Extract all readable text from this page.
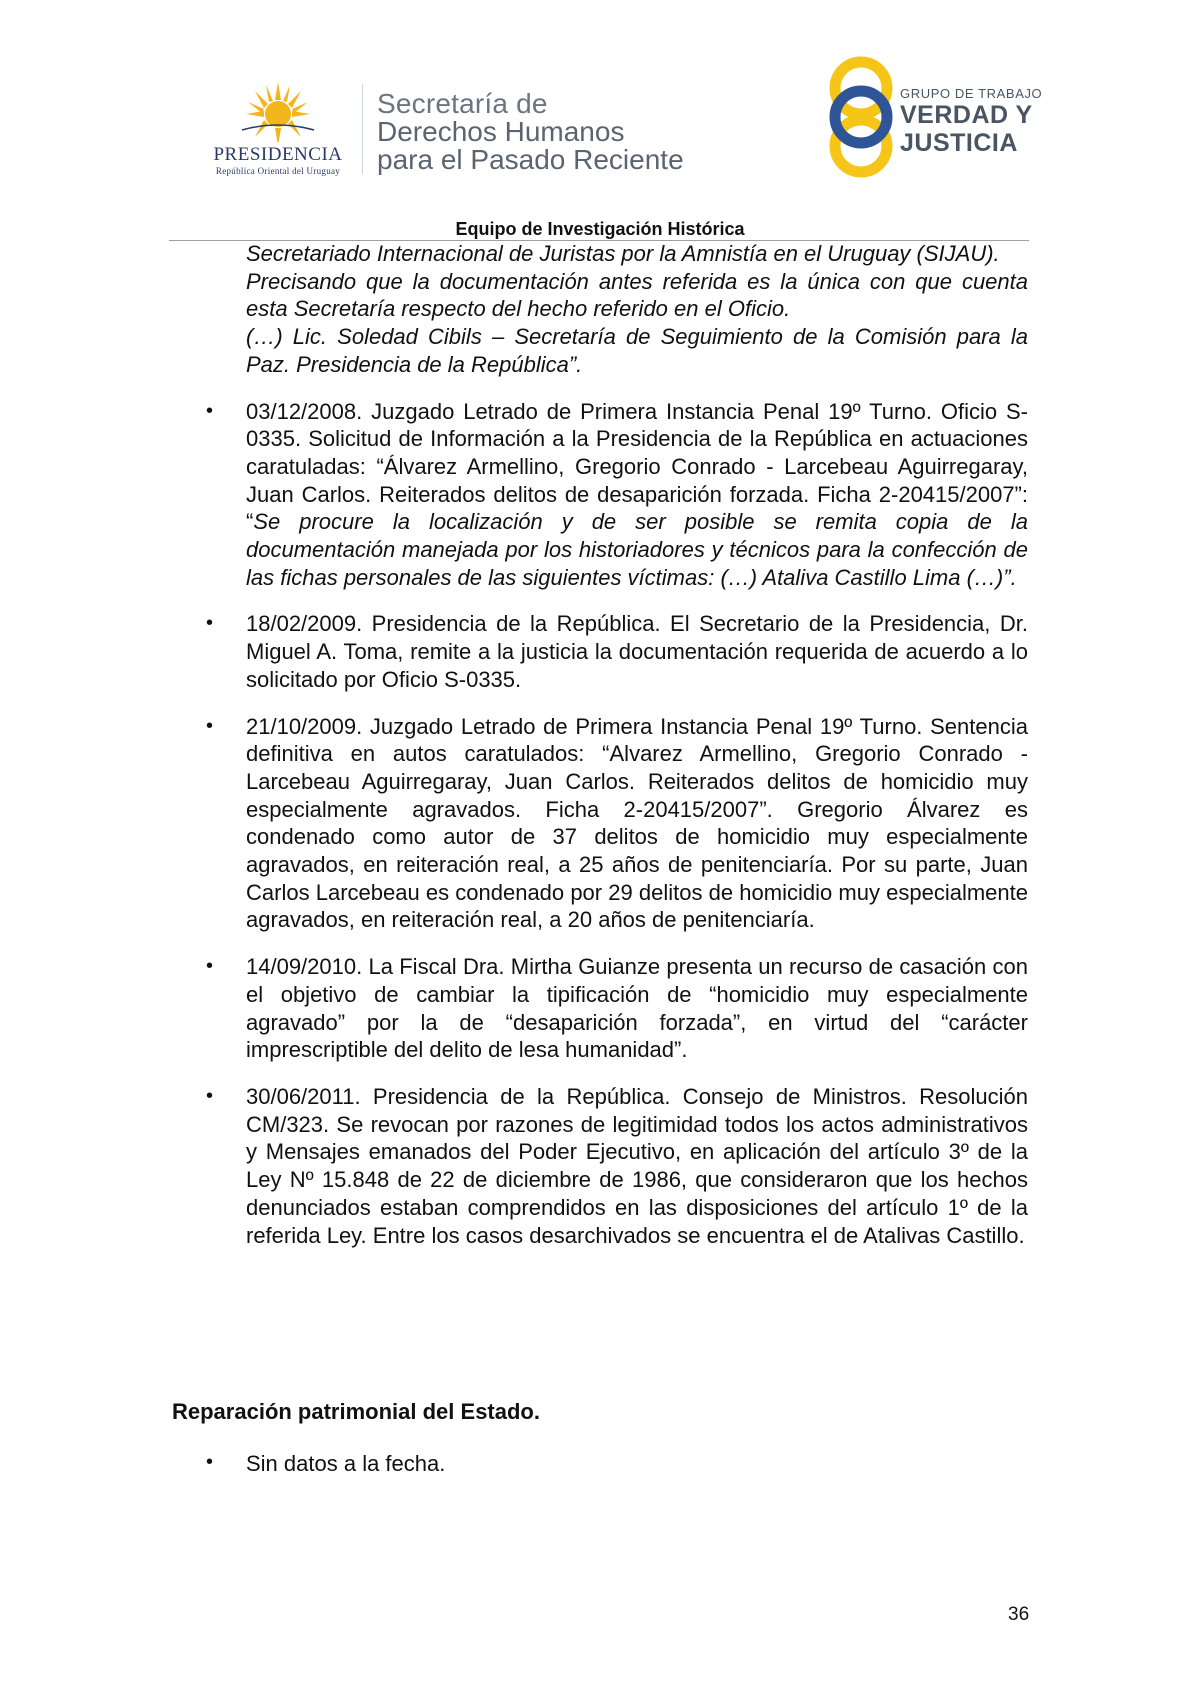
PRESIDENCIA
República Oriental del Uruguay
Secretaría de
Derechos Humanos
para el Pasado Reciente
GRUPO DE TRABAJO
VERDAD Y
JUSTICIA
Equipo de Investigación Histórica

Secretariado Internacional de Juristas por la Amnistía en el Uruguay (SIJAU).

Precisando que la documentación antes referida es la única con que cuenta esta Secretaría respecto del hecho referido en el Oficio.

(…) Lic. Soledad Cibils – Secretaría de Seguimiento de la Comisión para la Paz. Presidencia de la República”.

• 03/12/2008. Juzgado Letrado de Primera Instancia Penal 19º Turno. Oficio S-0335. Solicitud de Información a la Presidencia de la República en actuaciones caratuladas: “Álvarez Armellino, Gregorio Conrado - Larcebeau Aguirregaray, Juan Carlos. Reiterados delitos de desaparición forzada. Ficha 2-20415/2007”: “Se procure la localización y de ser posible se remita copia de la documentación manejada por los historiadores y técnicos para la confección de las fichas personales de las siguientes víctimas: (…) Ataliva Castillo Lima (…)”.
• 18/02/2009. Presidencia de la República. El Secretario de la Presidencia, Dr. Miguel A. Toma, remite a la justicia la documentación requerida de acuerdo a lo solicitado por Oficio S-0335.
• 21/10/2009. Juzgado Letrado de Primera Instancia Penal 19º Turno. Sentencia definitiva en autos caratulados: “Alvarez Armellino, Gregorio Conrado - Larcebeau Aguirregaray, Juan Carlos. Reiterados delitos de homicidio muy especialmente agravados. Ficha 2-20415/2007”. Gregorio Álvarez es condenado como autor de 37 delitos de homicidio muy especialmente agravados, en reiteración real, a 25 años de penitenciaría. Por su parte, Juan Carlos Larcebeau es condenado por 29 delitos de homicidio muy especialmente agravados, en reiteración real, a 20 años de penitenciaría.
• 14/09/2010. La Fiscal Dra. Mirtha Guianze presenta un recurso de casación con el objetivo de cambiar la tipificación de “homicidio muy especialmente agravado” por la de “desaparición forzada”, en virtud del “carácter imprescriptible del delito de lesa humanidad”.
• 30/06/2011. Presidencia de la República. Consejo de Ministros. Resolución CM/323. Se revocan por razones de legitimidad todos los actos administrativos y Mensajes emanados del Poder Ejecutivo, en aplicación del artículo 3º de la Ley Nº 15.848 de 22 de diciembre de 1986, que consideraron que los hechos denunciados estaban comprendidos en las disposiciones del artículo 1º de la referida Ley. Entre los casos desarchivados se encuentra el de Atalivas Castillo.
Reparación patrimonial del Estado.
• Sin datos a la fecha.
36
